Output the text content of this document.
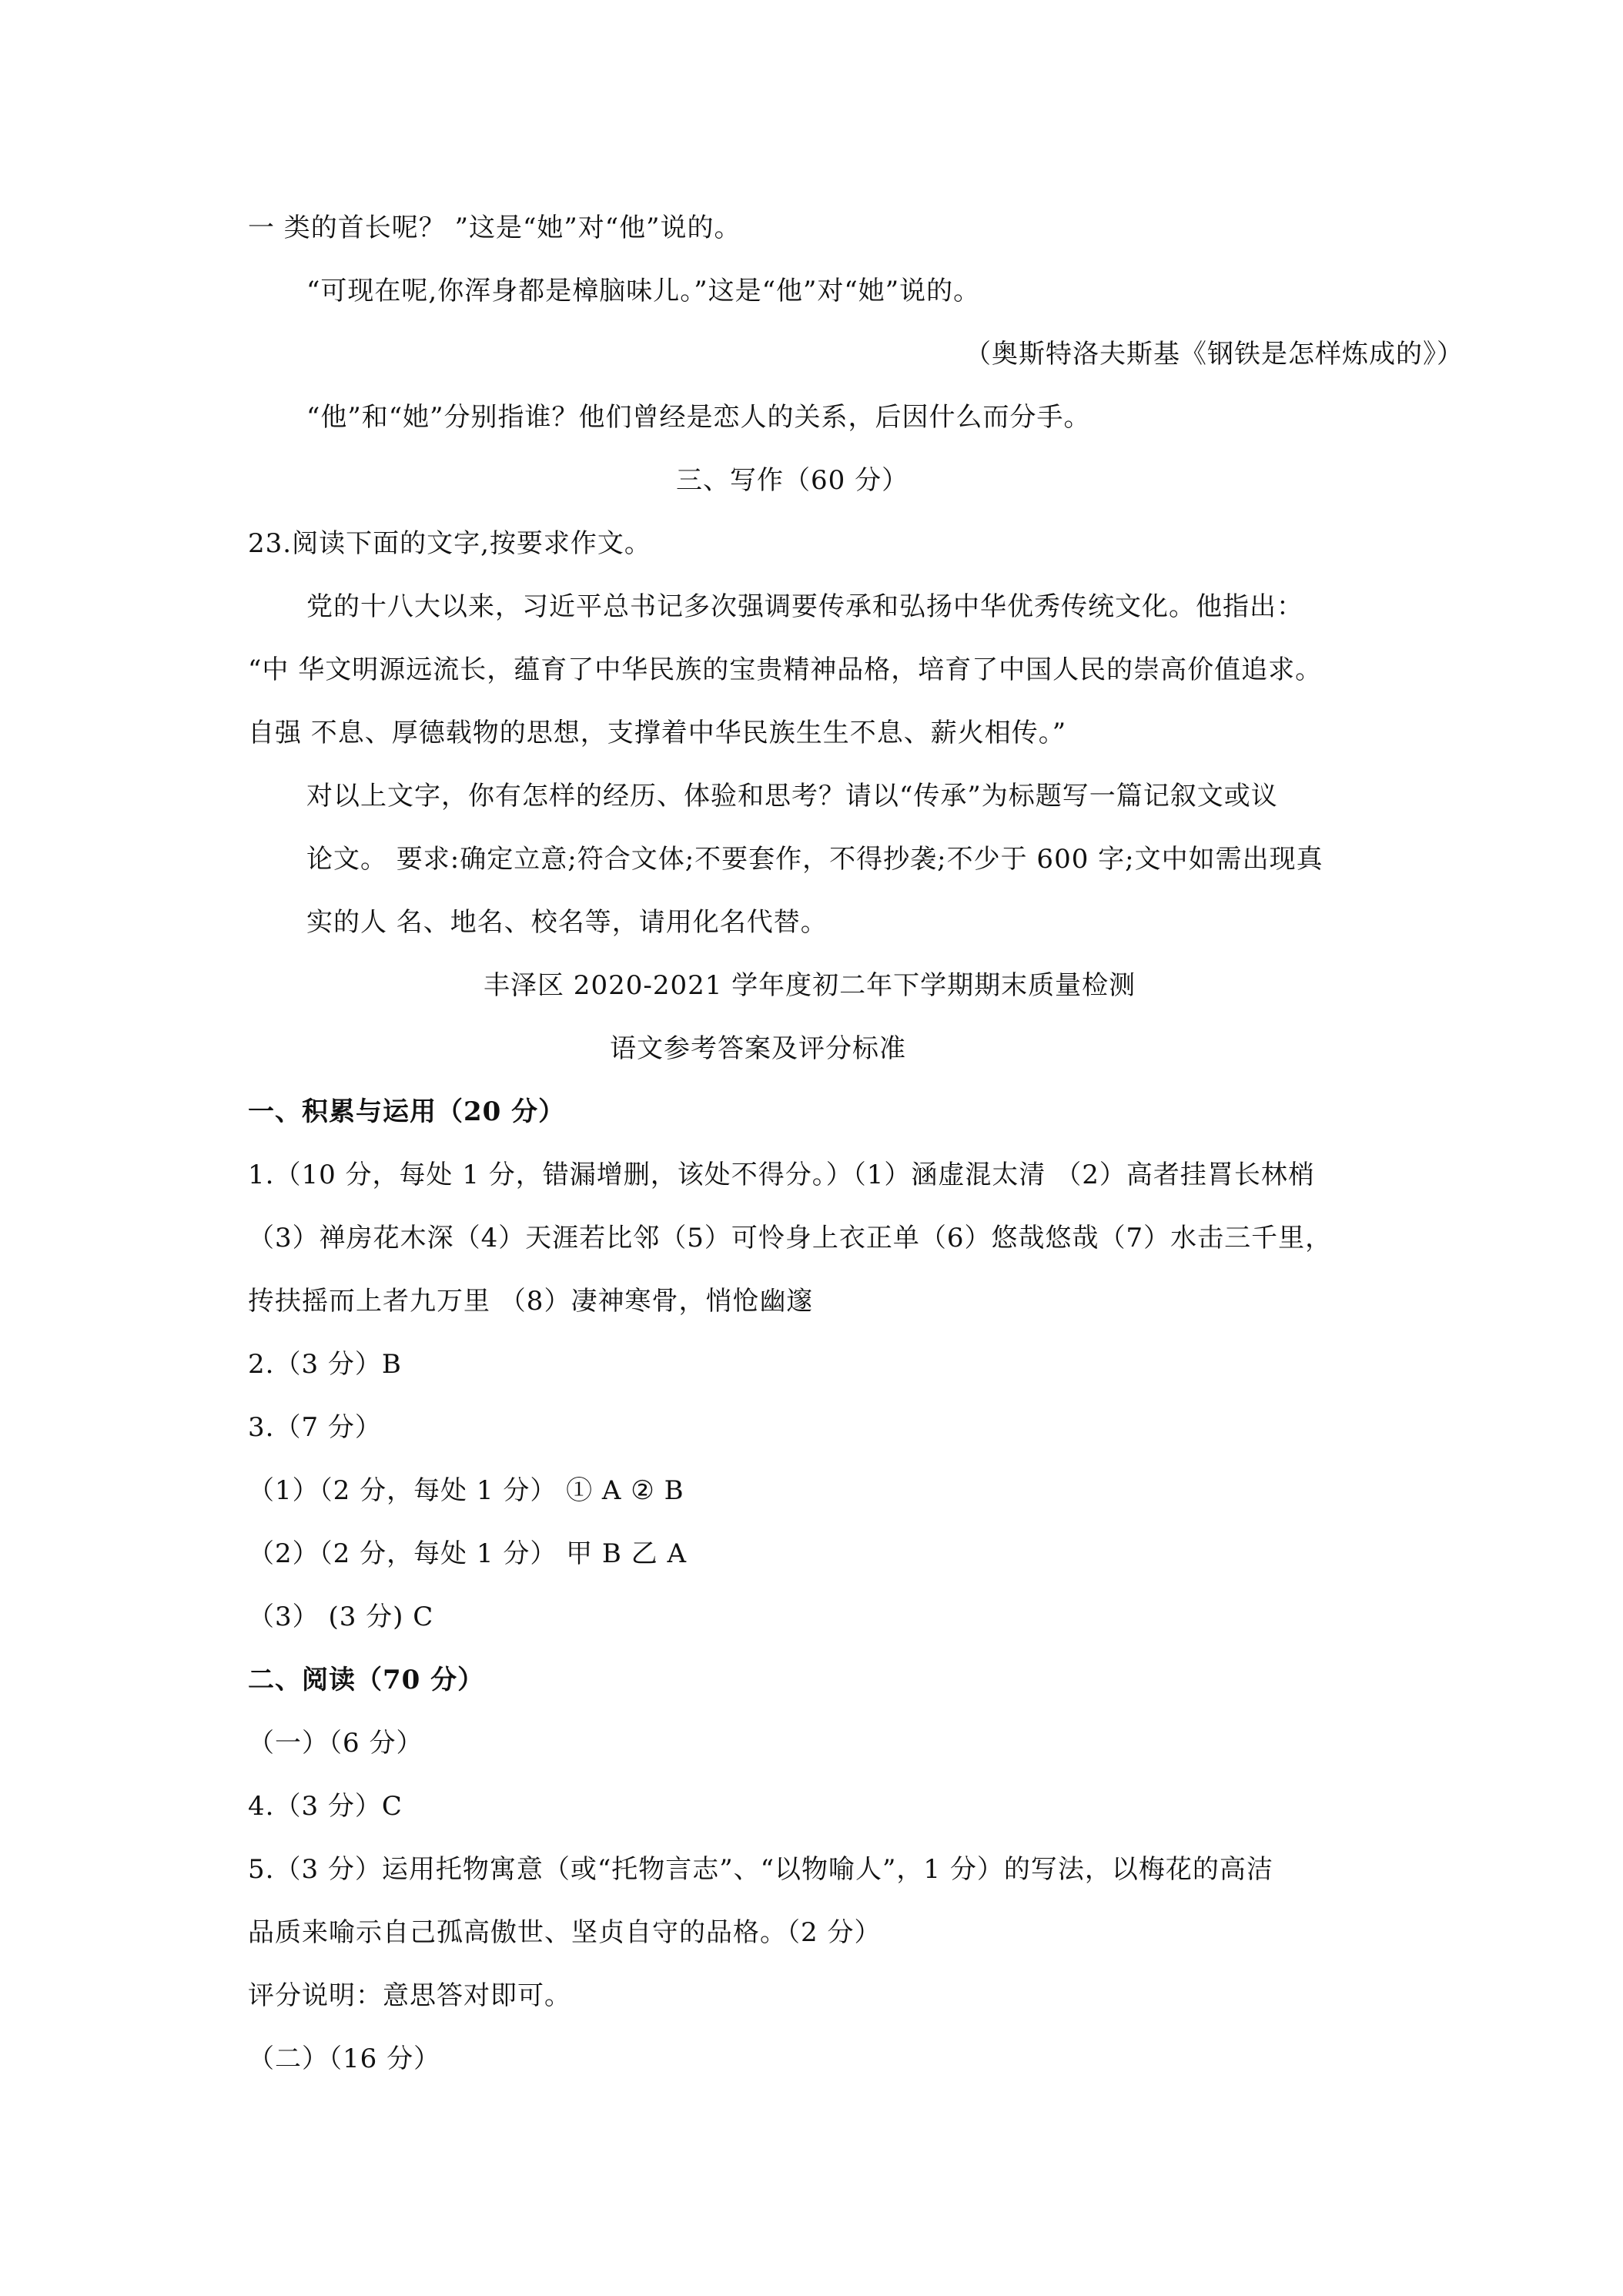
一 类的首长呢？ ”这是“她”对“他”说的。
“可现在呢,你浑身都是樟脑味儿。”这是“他”对“她”说的。
（奥斯特洛夫斯基《钢铁是怎样炼成的》）
“他”和“她”分别指谁？他们曾经是恋人的关系，后因什么而分手。
三、写作（60 分）
23.阅读下面的文字,按要求作文。
党的十八大以来，习近平总书记多次强调要传承和弘扬中华优秀传统文化。他指出：
“中 华文明源远流长，蕴育了中华民族的宝贵精神品格，培育了中国人民的崇高价值追求。
自强 不息、厚德载物的思想，支撑着中华民族生生不息、薪火相传。”
对以上文字，你有怎样的经历、体验和思考？请以“传承”为标题写一篇记叙文或议
论文。 要求:确定立意;符合文体;不要套作，不得抄袭;不少于 600 字;文中如需出现真
实的人 名、地名、校名等，请用化名代替。
丰泽区 2020-2021 学年度初二年下学期期末质量检测
语文参考答案及评分标准
一、积累与运用（20 分）
1.（10 分，每处 1 分，错漏增删，该处不得分。）（1）涵虚混太清 （2）高者挂罥长林梢
（3）禅房花木深（4）天涯若比邻（5）可怜身上衣正单（6）悠哉悠哉（7）水击三千里，
抟扶摇而上者九万里 （8）凄神寒骨，悄怆幽邃
2.（3 分）B
3.（7 分）
（1）（2 分，每处 1 分） ① A ② B
（2）（2 分，每处 1 分） 甲 B 乙 A
（3） (3 分) C
二、阅读（70 分）
（一）（6 分）
4.（3 分）C
5.（3 分）运用托物寓意（或“托物言志”、“以物喻人”，1 分）的写法，以梅花的高洁
品质来喻示自己孤高傲世、坚贞自守的品格。（2 分）
评分说明：意思答对即可。
（二）（16 分）
